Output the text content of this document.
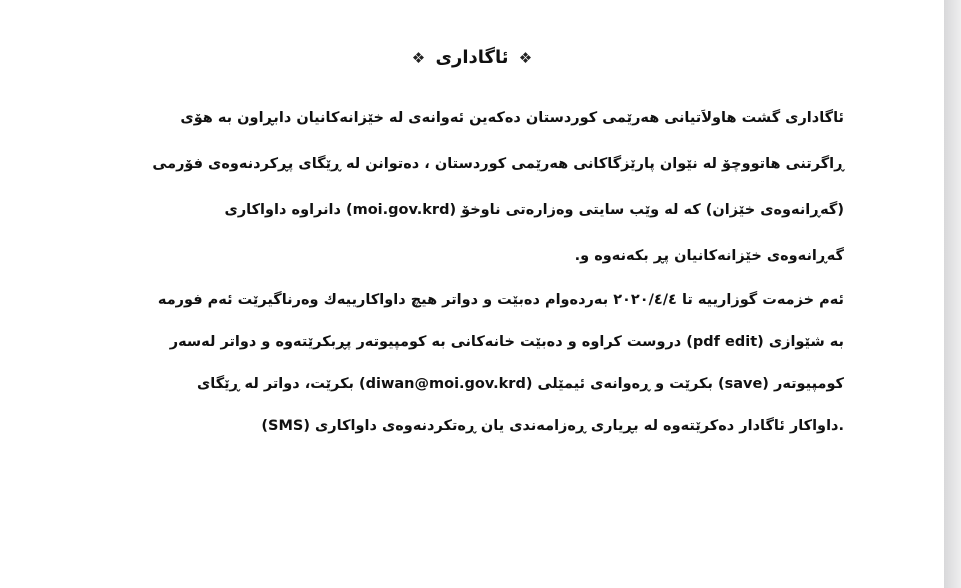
❖ ئاگاداری ❖
ئاگاداری گشت هاولاَتیانی هەرێمی کوردستان دەکەین ئەوانەی لە خێزانەکانیان دابڕاون بە هۆی
ڕاگرتنی هاتووچۆ لە نێوان پارێزگاکانی هەرێمی کوردستان ، دەتوانن لە ڕێگای پڕکردنەوەی فۆرمی
(گەڕانەوەی خێزان) کە لە وێب سایتی وەزارەتی ناوخۆ (moi.gov.krd) دانراوە داواکاری
گەڕانەوەی خێزانەکانیان پڕ بکەنەوە و.
ئەم خزمەت گوزارییە تا ٢٠٢٠/٤/٤ بەردەوام دەبێت و دواتر هیچ داواکارییەك وەرناگیرێت ئەم فورمە
بە شێوازی (pdf edit) دروست کراوە و دەبێت خانەکانی بە کومپیوتەر پڕبکرێتەوە و دواتر لەسەر
کومپیوتەر (save) بکرێت و ڕەوانەی ئیمێلی (diwan@moi.gov.krd) بکرێت، دواتر لە ڕێگای
(SMS) داواکار ئاگادار دەکرێتەوە لە بڕیاری ڕەزامەندی یان ڕەتکردنەوەی داواکاری.
